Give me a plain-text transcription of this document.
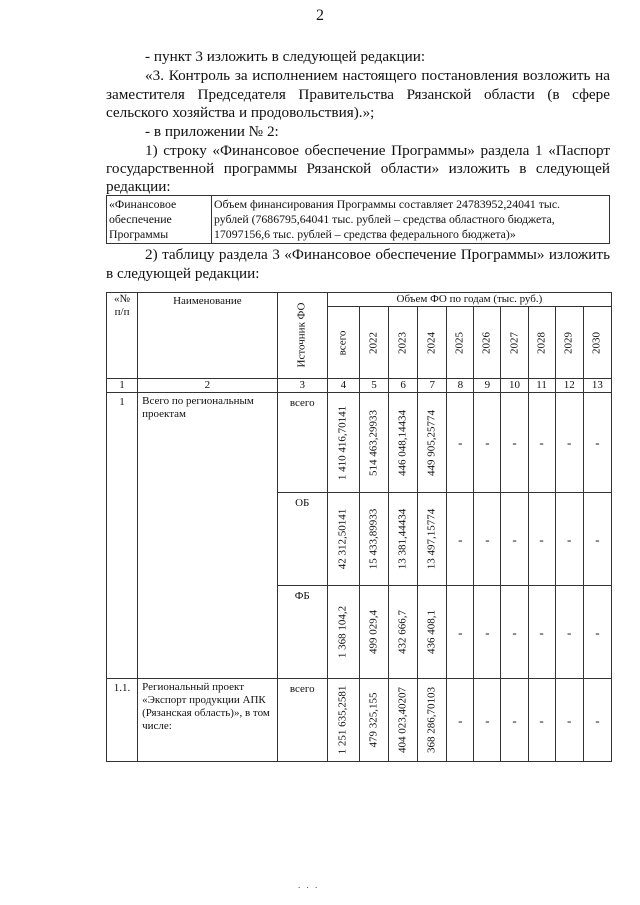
2
- пункт 3 изложить в следующей редакции:
«3. Контроль за исполнением настоящего постановления возложить на
заместителя Председателя Правительства Рязанской области (в сфере
сельского хозяйства и продовольствия).»;
- в приложении № 2:
1) строку «Финансовое обеспечение Программы» раздела 1 «Паспорт
государственной программы Рязанской области» изложить в следующей
редакции:
«Финансовое
обеспечение
Программы

Объем финансирования Программы составляет 24783952,24041 тыс.
рублей (7686795,64041 тыс. рублей – средства областного бюджета,
17097156,6 тыс. рублей – средства федерального бюджета)»
2) таблицу раздела 3 «Финансовое обеспечение Программы» изложить
в следующей редакции:
«№
п/п	Наименование	Источник ФО	Объем ФО по годам (тыс. руб.)									

			всего	2022	2023	2024	2025	2026	2027	2028	2029	2030

1	2	3	4	5	6	7	8	9	10	11	12	13
1	Всего по региональным проектам	всего	1 410 416,70141	514 463,29933	446 048,14434	449 905,25774	-	-	-	-	-	-
		ОБ	42 312,50141	15 433,89933	13 381,44434	13 497,15774	-	-	-	-	-	-
		ФБ	1 368 104,2	499 029,4	432 666,7	436 408,1	-	-	-	-	-	-
1.1.	Региональный проект «Экспорт продукции АПК (Рязанская область)», в том числе:	всего	1 251 635,2581	479 325,155	404 023,40207	368 286,70103	-	-	-	-	-	-
. . .
